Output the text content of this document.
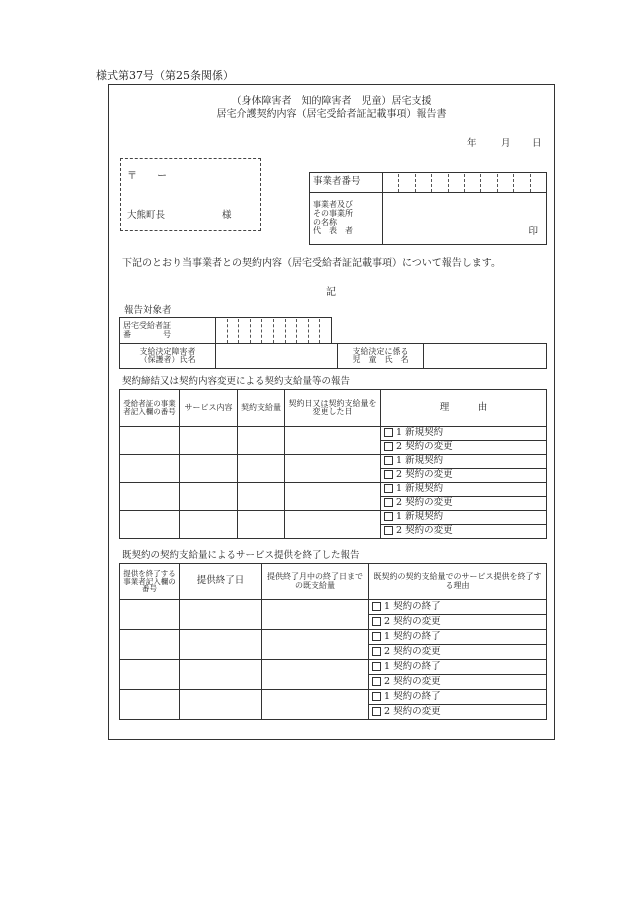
様式第37号（第25条関係）
（身体障害者　知的障害者　児童）居宅支援
居宅介護契約内容（居宅受給者証記載事項）報告書
年	月 日
〒　　ー
大熊町長	様
事業者番号	

事業者及び
その事業所
の名称
代　表　者	印
下記のとおり当事業者との契約内容（居宅受給者証記載事項）について報告します。
記
報告対象者
居宅受給者証
番　　　　号

支給決定障害者
（保護者）氏名		支給決定に係る
児　童　氏　名	
契約締結又は契約内容変更による契約支給量等の報告
受給者証の事業者記入欄の番号	サービス内容	契約支給量	契約日又は契約支給量を変更した日	理　　　由
				1 新規契約
				2 契約の変更
				1 新規契約
				2 契約の変更
				1 新規契約
				2 契約の変更
				1 新規契約
				2 契約の変更
既契約の契約支給量によるサービス提供を終了した報告
提供を終了する事業者記入欄の番号	提供終了日	提供終了月中の終了日までの既支給量	既契約の契約支給量でのサービス提供を終了する理由
			1 契約の終了
			2 契約の変更
			1 契約の終了
			2 契約の変更
			1 契約の終了
			2 契約の変更
			1 契約の終了
			2 契約の変更
